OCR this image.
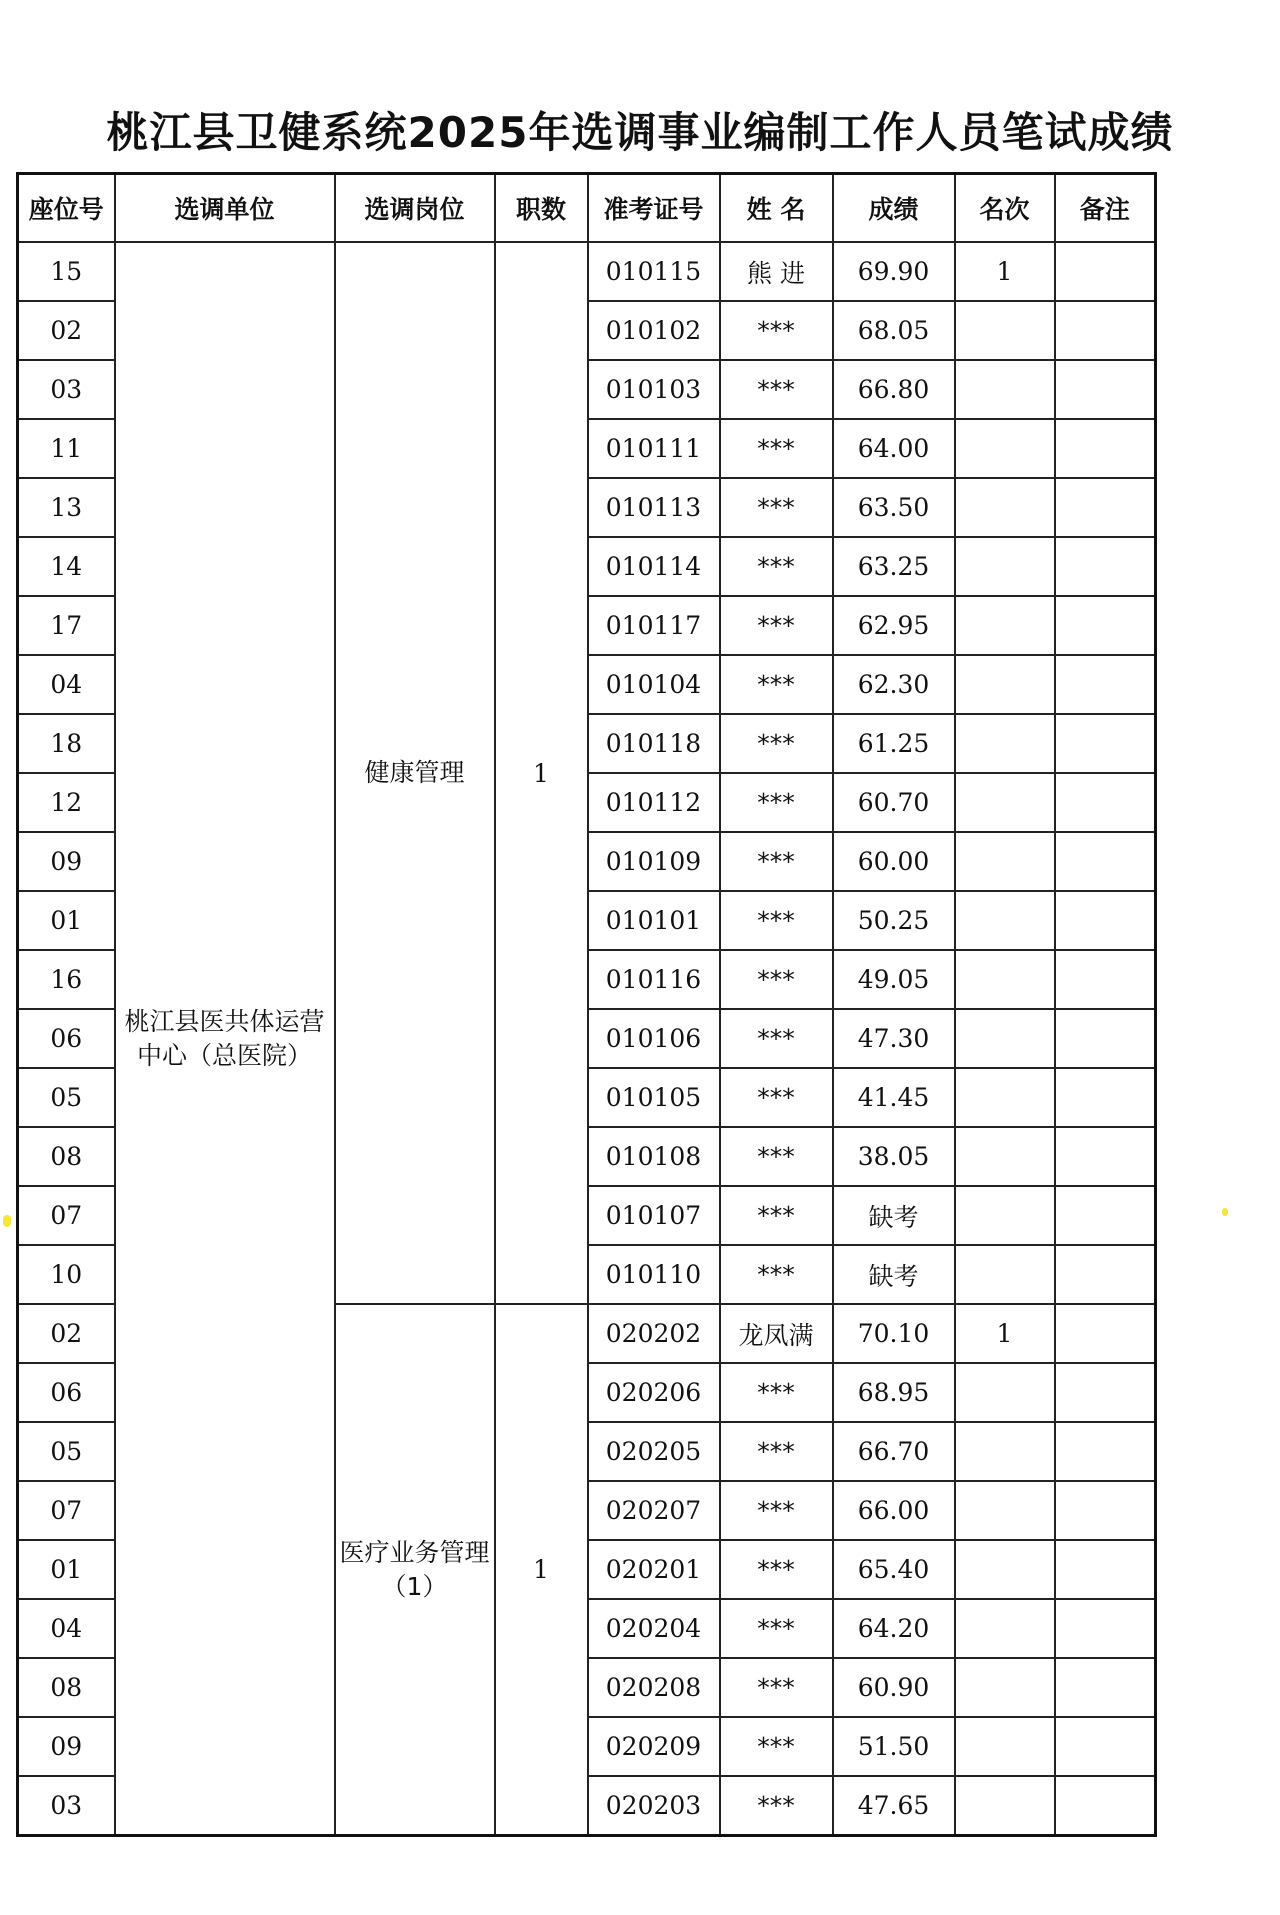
桃江县卫健系统2025年选调事业编制工作人员笔试成绩
座位号	选调单位	选调岗位	职数	准考证号	姓 名	成绩	名次	备注
15	桃江县医共体运营中心（总医院）	健康管理	1	010115	熊 进	69.90	1	
02				010102	***	68.05		
03				010103	***	66.80		
11				010111	***	64.00		
13				010113	***	63.50		
14				010114	***	63.25		
17				010117	***	62.95		
04				010104	***	62.30		
18				010118	***	61.25		
12				010112	***	60.70		
09				010109	***	60.00		
01				010101	***	50.25		
16				010116	***	49.05		
06				010106	***	47.30		
05				010105	***	41.45		
08				010108	***	38.05		
07				010107	***	缺考		
10				010110	***	缺考		
02		医疗业务管理（1）	1	020202	龙凤满	70.10	1	
06				020206	***	68.95		
05				020205	***	66.70		
07				020207	***	66.00		
01				020201	***	65.40		
04				020204	***	64.20		
08				020208	***	60.90		
09				020209	***	51.50		
03				020203	***	47.65		
